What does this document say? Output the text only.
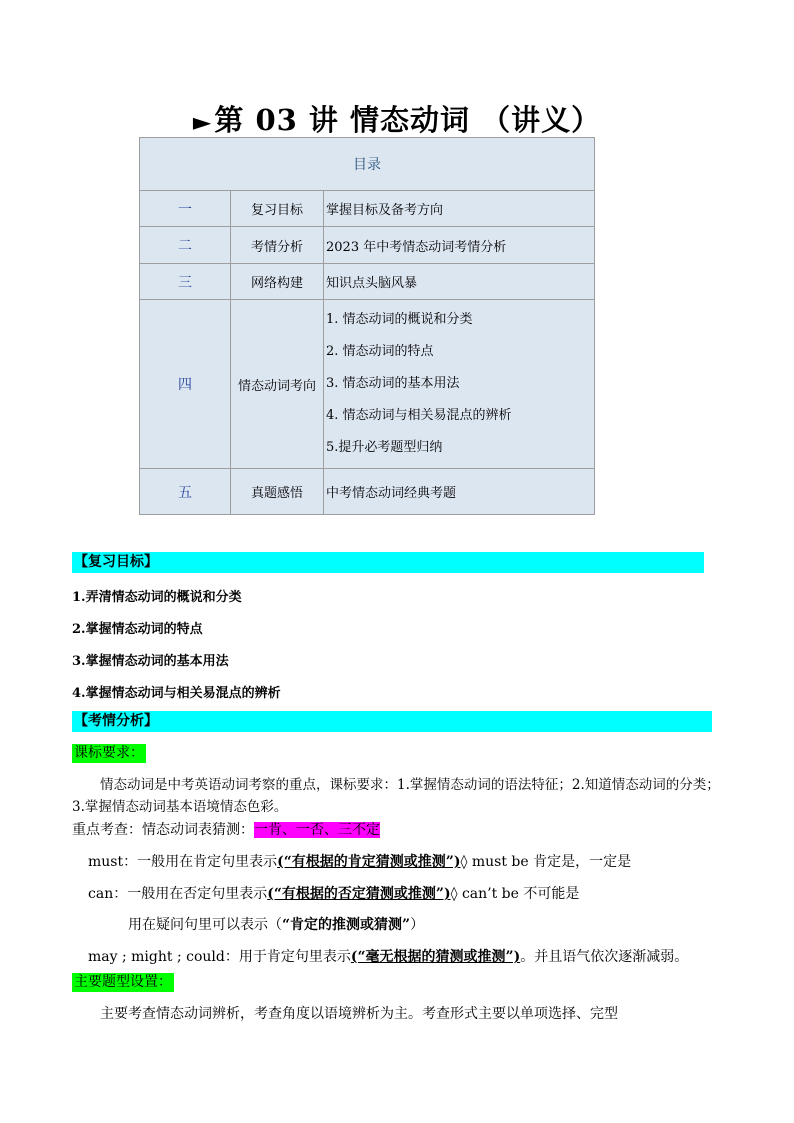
►第 03 讲 情态动词 （讲义）
目录		
一	复习目标	掌握目标及备考方向
二	考情分析	2023 年中考情态动词考情分析
三	网络构建	知识点头脑风暴
四	情态动词考向	1. 情态动词的概说和分类
2. 情态动词的特点
3. 情态动词的基本用法
4. 情态动词与相关易混点的辨析
5.提升必考题型归纳

五	真题感悟	中考情态动词经典考题
【复习目标】
1.弄清情态动词的概说和分类
2.掌握情态动词的特点
3.掌握情态动词的基本用法
4.掌握情态动词与相关易混点的辨析
【考情分析】
课标要求：
情态动词是中考英语动词考察的重点，课标要求：1.掌握情态动词的语法特征；2.知道情态动词的分类；
3.掌握情态动词基本语境情态色彩。
重点考查：情态动词表猜测：一肯、一否、三不定
must：一般用在肯定句里表示(“有根据的肯定猜测或推测”)◊ must be 肯定是，一定是
can：一般用在否定句里表示(“有根据的否定猜测或推测”)◊ can’t be 不可能是
用在疑问句里可以表示（“肯定的推测或猜测”）
may ; might ; could：用于肯定句里表示(“毫无根据的猜测或推测”)。并且语气依次逐渐减弱。
主要题型设置：
主要考查情态动词辨析，考查角度以语境辨析为主。考查形式主要以单项选择、完型
